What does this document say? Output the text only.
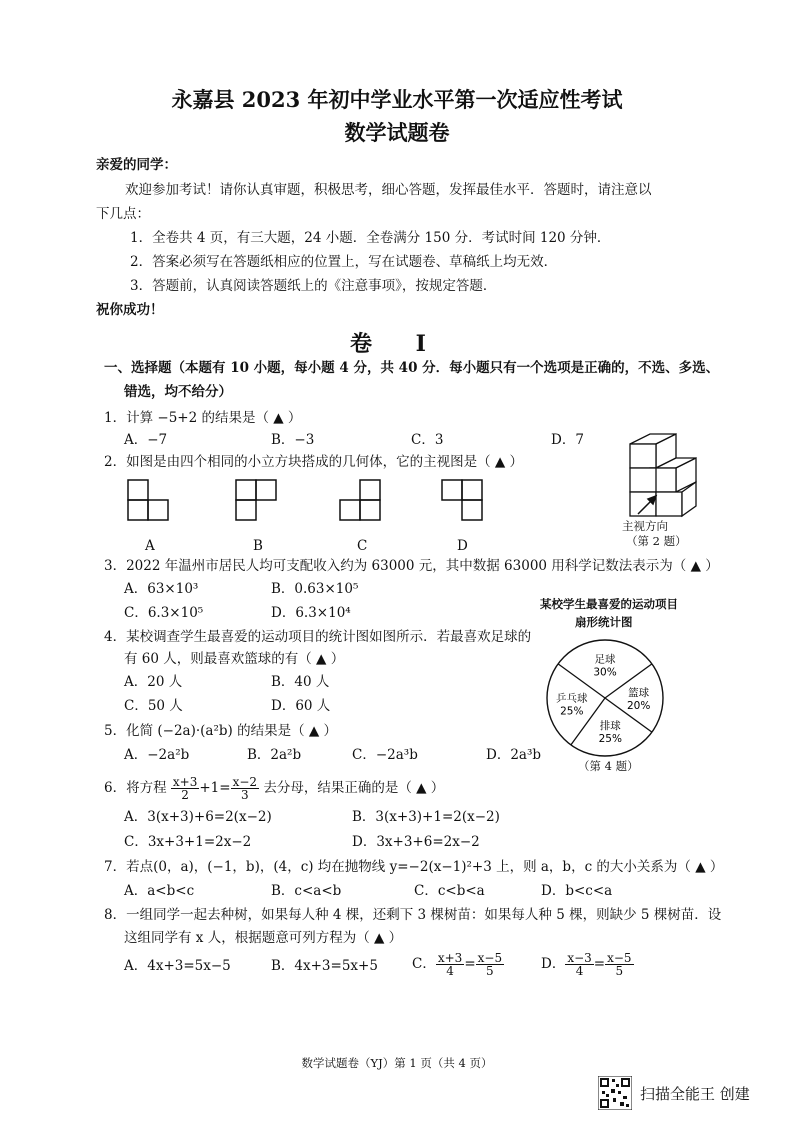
永嘉县 2023 年初中学业水平第一次适应性考试
数学试题卷
亲爱的同学：
欢迎参加考试！请你认真审题，积极思考，细心答题，发挥最佳水平．答题时，请注意以
下几点：
1．全卷共 4 页，有三大题，24 小题．全卷满分 150 分．考试时间 120 分钟．
2．答案必须写在答题纸相应的位置上，写在试题卷、草稿纸上均无效．
3．答题前，认真阅读答题纸上的《注意事项》，按规定答题．
祝你成功！
卷 I
一、选择题（本题有 10 小题，每小题 4 分，共 40 分．每小题只有一个选项是正确的，不选、多选、
错选，均不给分）
1．计算 −5+2 的结果是（ ▲ ）
A．−7	B．−3	C．3	D．7
2．如图是由四个相同的小立方块搭成的几何体，它的主视图是（ ▲ ）
A	B	C	D
主视方向
（第 2 题）
3．2022 年温州市居民人均可支配收入约为 63000 元，其中数据 63000 用科学记数法表示为（ ▲ ）
A．63×10³	B．0.63×10⁵
C．6.3×10⁵	D．6.3×10⁴
4．某校调查学生最喜爱的运动项目的统计图如图所示．若最喜欢足球的
有 60 人，则最喜欢篮球的有（ ▲ ）
A．20 人	B．40 人
C．50 人	D．60 人
某校学生最喜爱的运动项目
扇形统计图
足球
30%
篮球
20%
排球
25%
乒乓球
25%
（第 4 题）
5．化简 (−2a)·(a²b) 的结果是（ ▲ ）
A．−2a²b	B．2a²b	C．−2a³b	D．2a³b
6．将方程 $\frac{x+3}{2} +1= \frac{x-2}{3}$ 去分母，结果正确的是（ ▲ ）
A．3(x+3)+6=2(x−2)	B．3(x+3)+1=2(x−2)
C．3x+3+1=2x−2	D．3x+3+6=2x−2
7．若点(0，a)，(−1，b)，(4，c) 均在抛物线 y=−2(x−1)²+3 上，则 a，b，c 的大小关系为（ ▲ ）
A．a<b<c	B．c<a<b	C．c<b<a	D．b<c<a
8．一组同学一起去种树，如果每人种 4 棵，还剩下 3 棵树苗：如果每人种 5 棵，则缺少 5 棵树苗．设
这组同学有 x 人，根据题意可列方程为（ ▲ ）
A．4x+3=5x−5	B．4x+3=5x+5	C． $\frac{x+3}{4} = \frac{x-5}{5}$	D． $\frac{x-3}{4} = \frac{x-5}{5}$
数学试题卷（YJ）第 1 页（共 4 页）
扫描全能王 创建
